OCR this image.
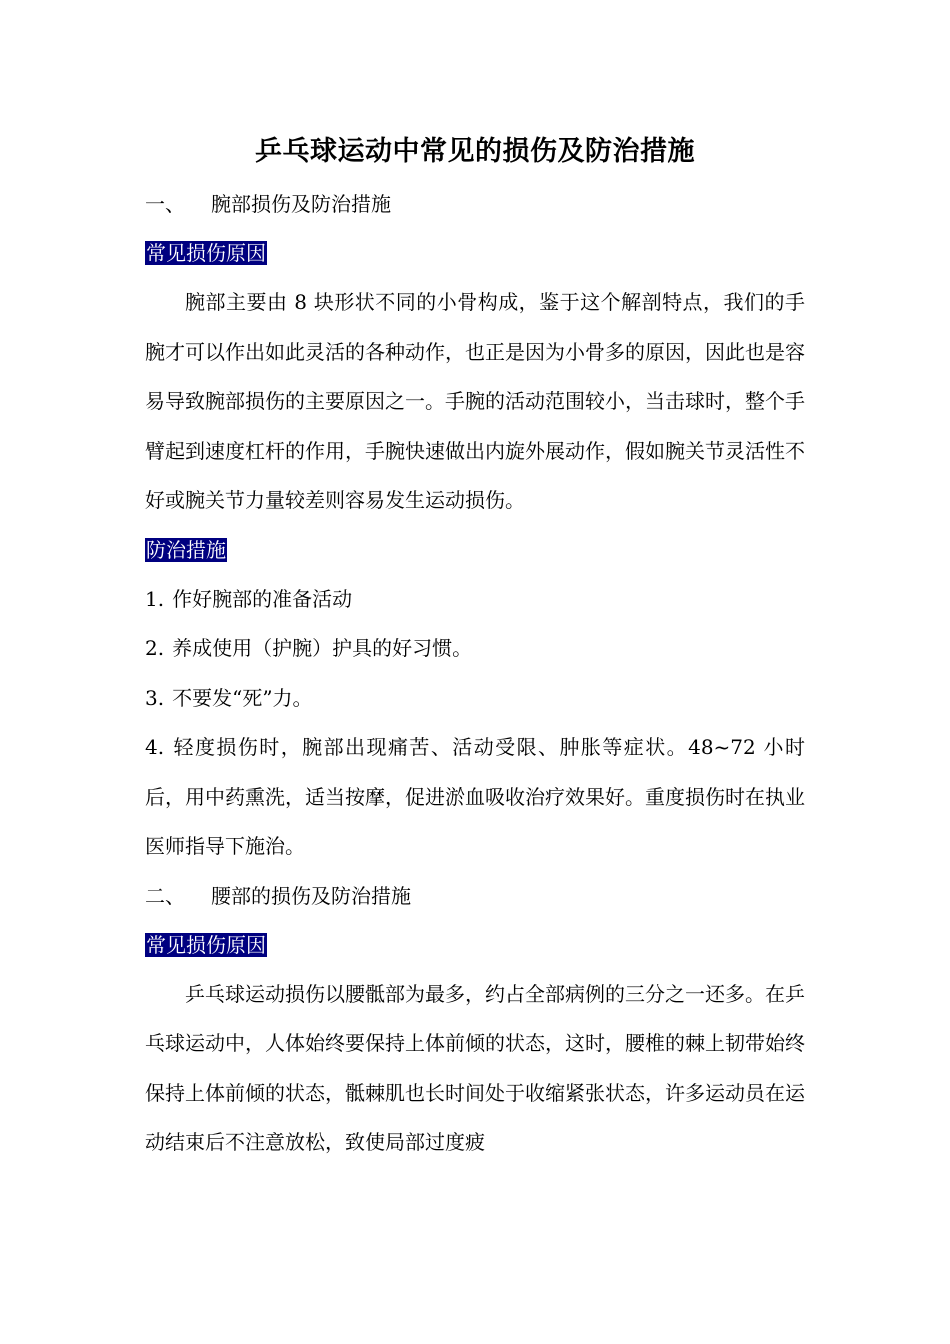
乒乓球运动中常见的损伤及防治措施

一、 腕部损伤及防治措施

常见损伤原因

腕部主要由 8 块形状不同的小骨构成，鉴于这个解剖特点，我们的手腕才可以作出如此灵活的各种动作，也正是因为小骨多的原因，因此也是容易导致腕部损伤的主要原因之一。手腕的活动范围较小，当击球时，整个手臂起到速度杠杆的作用，手腕快速做出内旋外展动作，假如腕关节灵活性不好或腕关节力量较差则容易发生运动损伤。

防治措施

1. 作好腕部的准备活动

2. 养成使用（护腕）护具的好习惯。

3. 不要发“死”力。

4. 轻度损伤时，腕部出现痛苦、活动受限、肿胀等症状。48~72 小时后，用中药熏洗，适当按摩，促进淤血吸收治疗效果好。重度损伤时在执业医师指导下施治。

二、 腰部的损伤及防治措施

常见损伤原因

乒乓球运动损伤以腰骶部为最多，约占全部病例的三分之一还多。在乒乓球运动中，人体始终要保持上体前倾的状态，这时，腰椎的棘上韧带始终保持上体前倾的状态，骶棘肌也长时间处于收缩紧张状态，许多运动员在运动结束后不注意放松，致使局部过度疲
